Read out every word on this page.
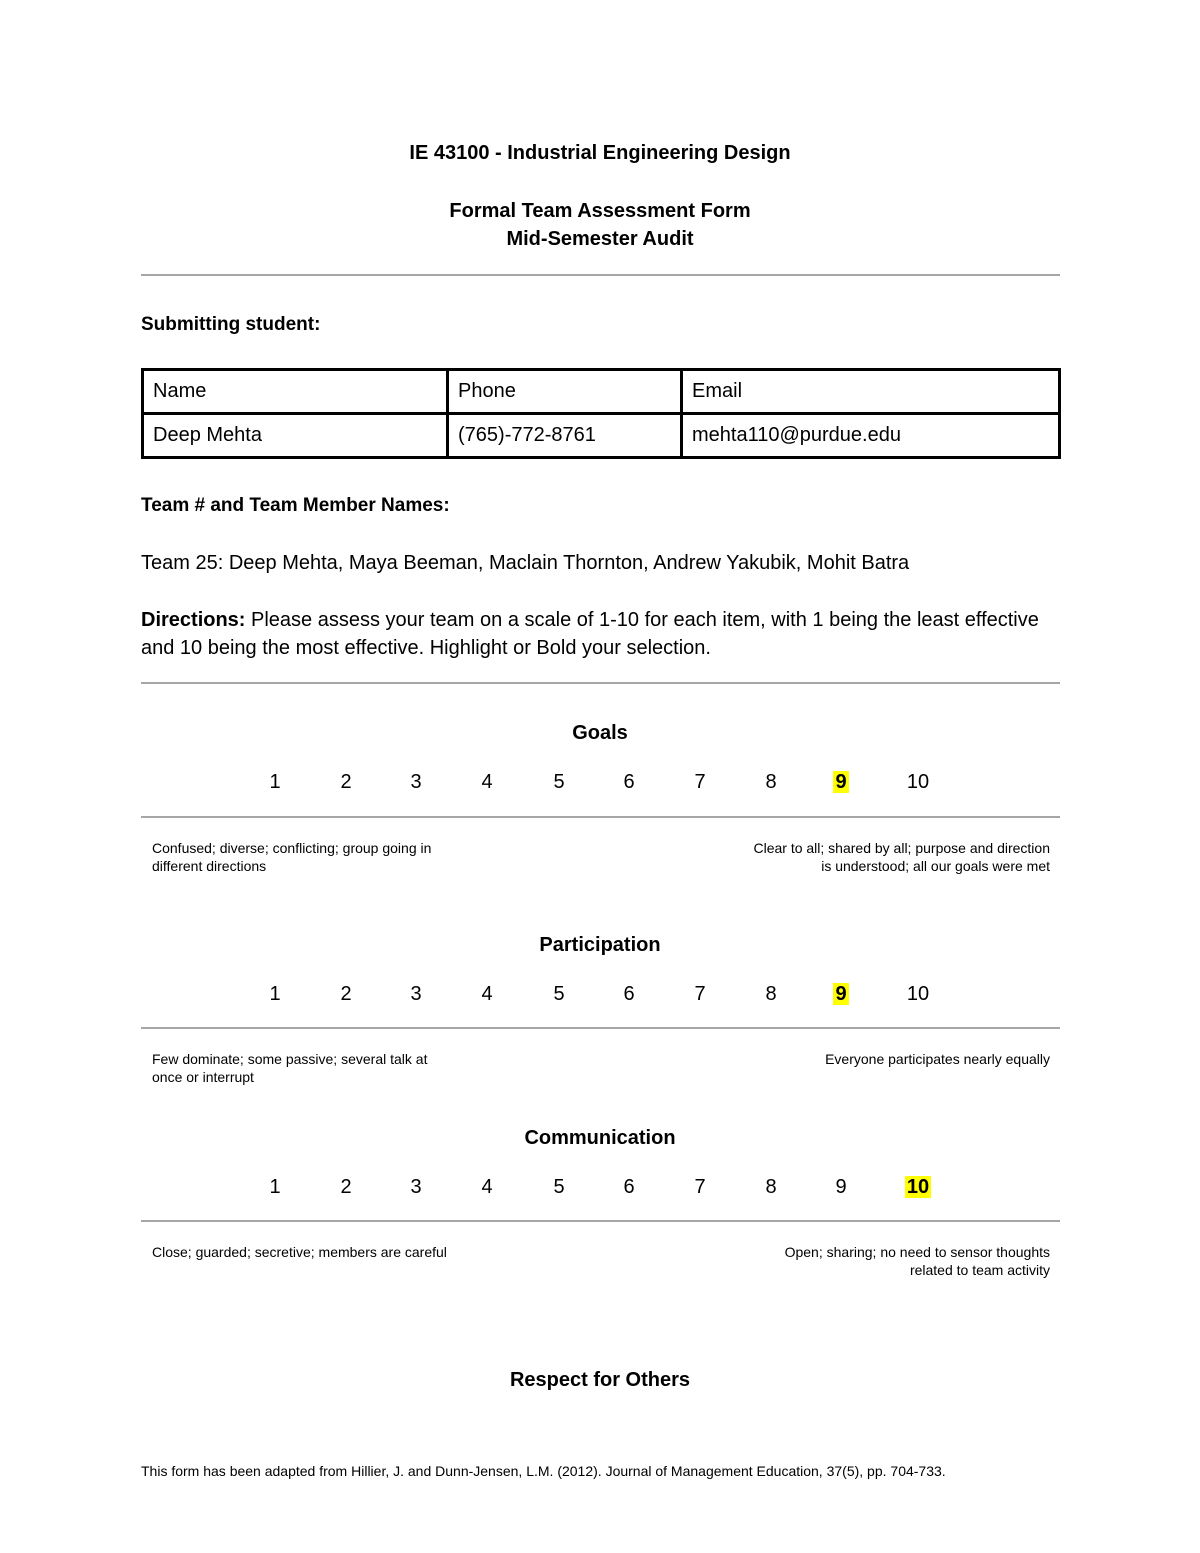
IE 43100 - Industrial Engineering Design
Formal Team Assessment Form
Mid-Semester Audit
Submitting student:
Name	Phone	Email
Deep Mehta	(765)-772-8761	mehta110@purdue.edu
Team # and Team Member Names:
Team 25: Deep Mehta, Maya Beeman, Maclain Thornton, Andrew Yakubik, Mohit Batra
Directions: Please assess your team on a scale of 1-10 for each item, with 1 being the least effective and 10 being the most effective. Highlight or Bold your selection.
Goals
1	2	3	4	5	6	7	8	9	10
Confused; diverse; conflicting; group going in different directions
Clear to all; shared by all; purpose and direction is understood; all our goals were met
Participation
1	2	3	4	5	6	7	8	9	10
Few dominate; some passive; several talk at once or interrupt
Everyone participates nearly equally
Communication
1	2	3	4	5	6	7	8	9	10
Close; guarded; secretive; members are careful	Open; sharing; no need to sensor thoughts related to team activity
Respect for Others
This form has been adapted from Hillier, J. and Dunn-Jensen, L.M. (2012). Journal of Management Education, 37(5), pp. 704-733.
